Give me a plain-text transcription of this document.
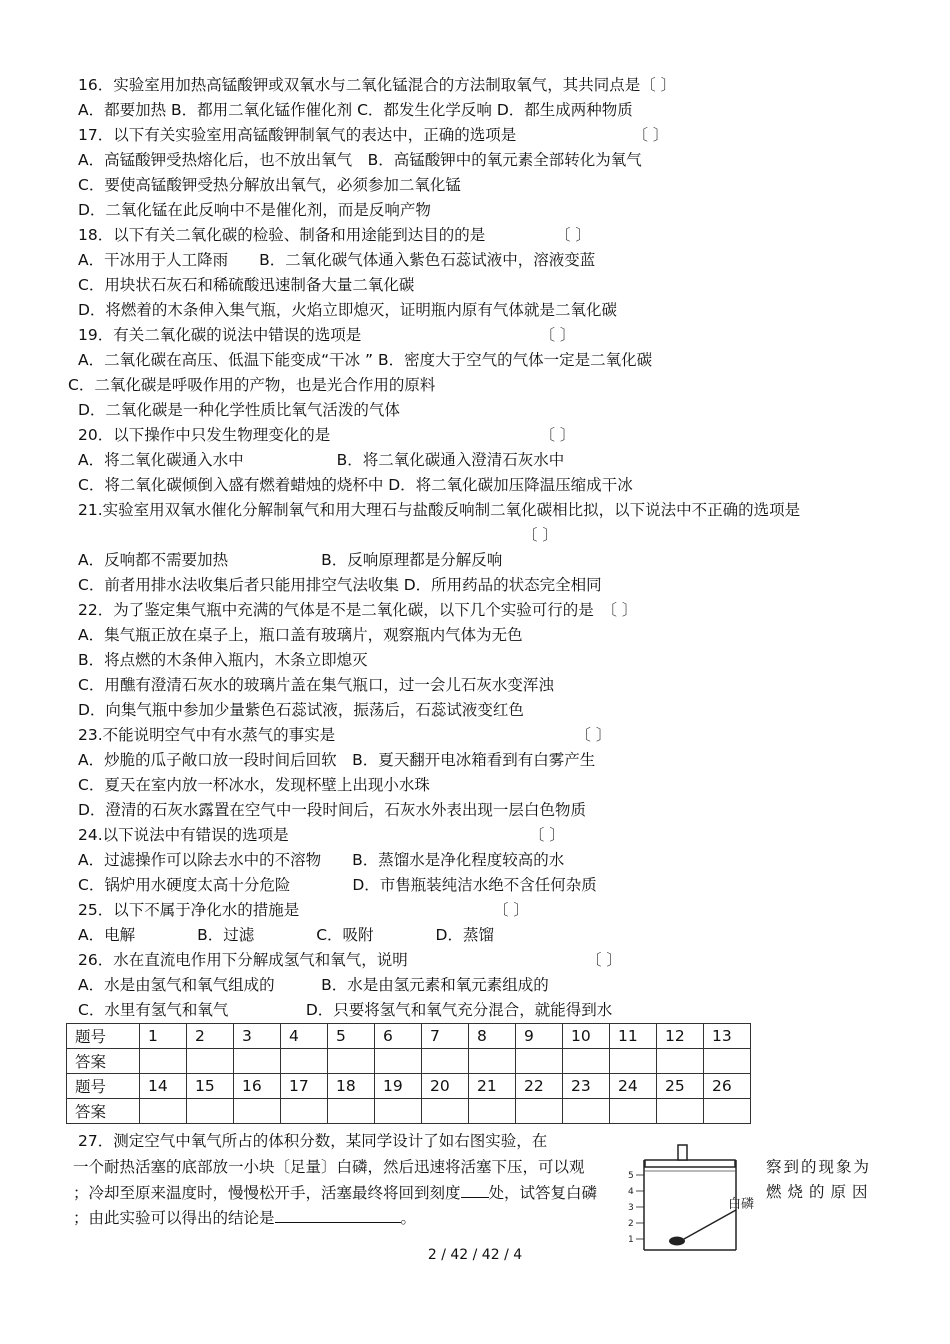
16．实验室用加热高锰酸钾或双氧水与二氧化锰混合的方法制取氧气，其共同点是〔 〕
A．都要加热 B．都用二氧化锰作催化剂 C．都发生化学反响 D．都生成两种物质
17．以下有关实验室用高锰酸钾制氧气的表达中，正确的选项是　　　　　　　　〔 〕
A．高锰酸钾受热熔化后，也不放出氧气　B．高锰酸钾中的氧元素全部转化为氧气
C．要使高锰酸钾受热分解放出氧气，必须参加二氧化锰
D．二氧化锰在此反响中不是催化剂，而是反响产物
18．以下有关二氧化碳的检验、制备和用途能到达目的的是　　　　　〔 〕
A．干冰用于人工降雨　　B．二氧化碳气体通入紫色石蕊试液中，溶液变蓝
C．用块状石灰石和稀硫酸迅速制备大量二氧化碳
D．将燃着的木条伸入集气瓶，火焰立即熄灭，证明瓶内原有气体就是二氧化碳
19．有关二氧化碳的说法中错误的选项是　　　　　　　　　　　　〔 〕
A．二氧化碳在高压、低温下能变成“干冰 ” B．密度大于空气的气体一定是二氧化碳
C．二氧化碳是呼吸作用的产物，也是光合作用的原料
D．二氧化碳是一种化学性质比氧气活泼的气体
20．以下操作中只发生物理变化的是　　　　　　　　　　　　　　〔 〕
A．将二氧化碳通入水中　　　　　　B．将二氧化碳通入澄清石灰水中
C．将二氧化碳倾倒入盛有燃着蜡烛的烧杯中 D．将二氧化碳加压降温压缩成干冰
21.实验室用双氧水催化分解制氧气和用大理石与盐酸反响制二氧化碳相比拟，以下说法中不正确的选项是
〔 〕
A．反响都不需要加热　　　　　　B．反响原理都是分解反响
C．前者用排水法收集后者只能用排空气法收集 D．所用药品的状态完全相同
22．为了鉴定集气瓶中充满的气体是不是二氧化碳，以下几个实验可行的是　〔 〕
A．集气瓶正放在桌子上，瓶口盖有玻璃片，观察瓶内气体为无色
B．将点燃的木条伸入瓶内，木条立即熄灭
C．用醮有澄清石灰水的玻璃片盖在集气瓶口，过一会儿石灰水变浑浊
D．向集气瓶中参加少量紫色石蕊试液，振荡后，石蕊试液变红色
23.不能说明空气中有水蒸气的事实是　　　　　　　　　　　　　　　　〔 〕
A．炒脆的瓜子敞口放一段时间后回软　B．夏天翻开电冰箱看到有白雾产生
C．夏天在室内放一杯冰水，发现杯壁上出现小水珠
D．澄清的石灰水露置在空气中一段时间后，石灰水外表出现一层白色物质
24.以下说法中有错误的选项是　　　　　　　　　　　　　　　　〔 〕
A．过滤操作可以除去水中的不溶物　　B．蒸馏水是净化程度较高的水
C．锅炉用水硬度太高十分危险　　　　D．市售瓶装纯洁水绝不含任何杂质
25．以下不属于净化水的措施是　　　　　　　　　　　　　〔 〕
A．电解　　　　B．过滤　　　　C．吸附　　　　D．蒸馏
26．水在直流电作用下分解成氢气和氧气，说明　　　　　　　　　　　　〔 〕
A．水是由氢气和氧气组成的　　　B．水是由氢元素和氧元素组成的
C．水里有氢气和氧气　　　　　D．只要将氢气和氧气充分混合，就能得到水
题号	1	2	3	4	5	6	7	8	9	10	11	12	13
答案													
题号	14	15	16	17	18	19	20	21	22	23	24	25	26
答案													
27．测定空气中氧气所占的体积分数，某同学设计了如右图实验，在
一个耐热活塞的底部放一小块〔足量〕白磷，然后迅速将活塞下压，可以观	察到的现象为
；冷却至原来温度时，慢慢松开手，活塞最终将回到刻度 处，试答复白磷	燃烧的原因
；由此实验可以得出的结论是	。
5
4
3
2
1
白磷
2 / 42 / 42 / 4
